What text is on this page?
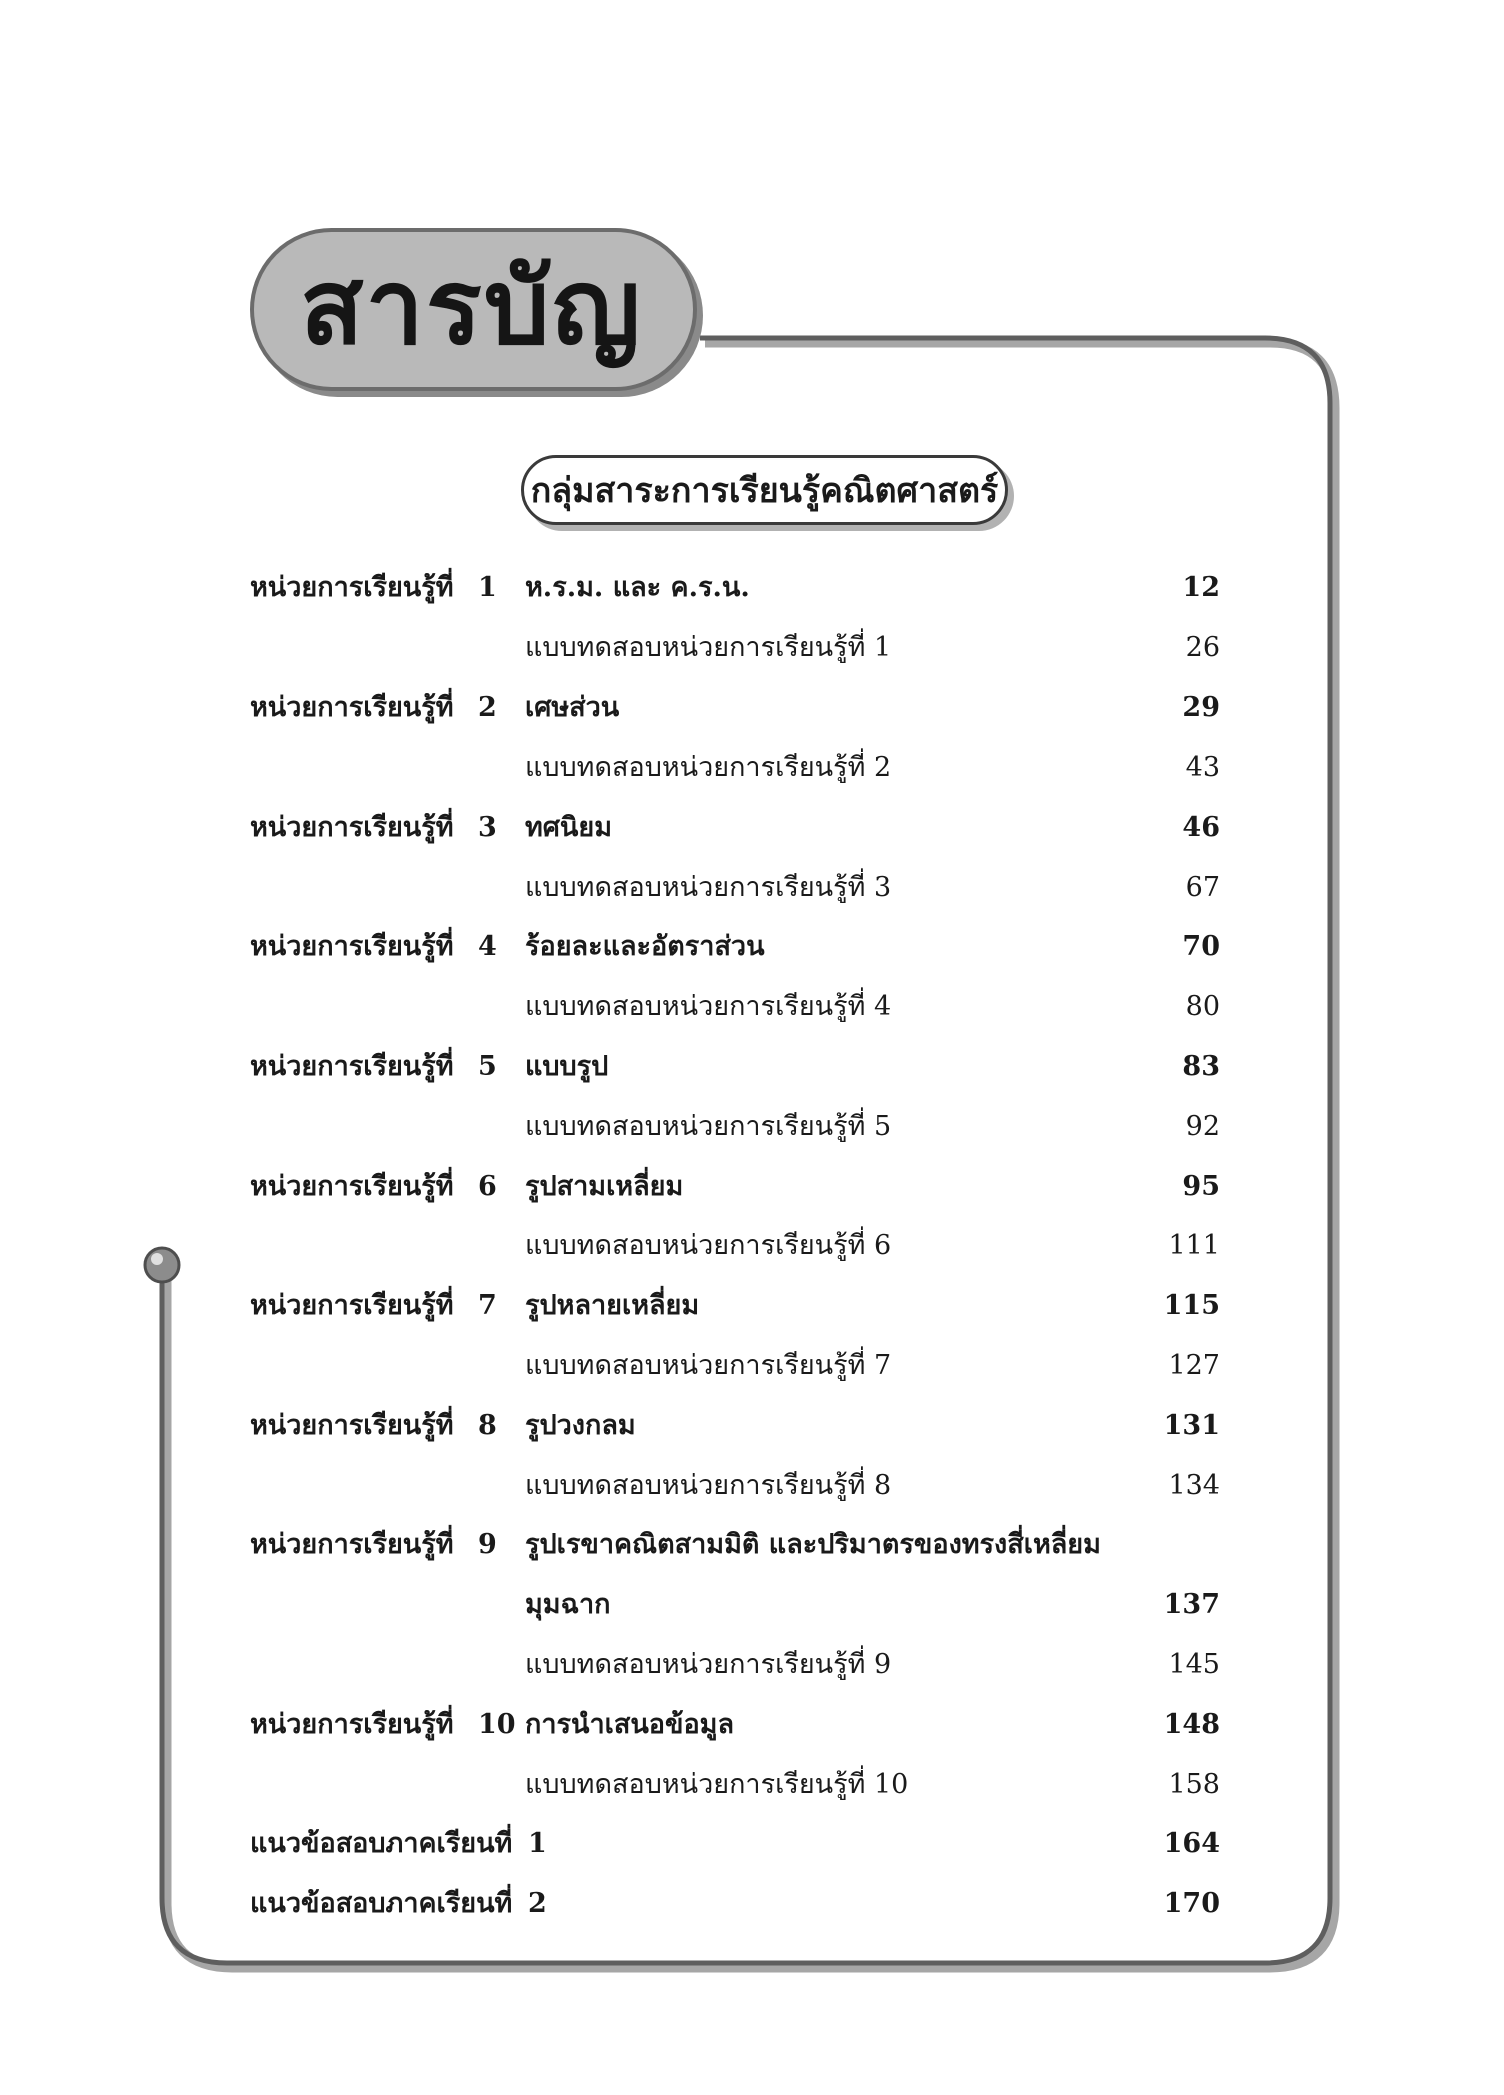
สารบัญ
กลุ่มสาระการเรียนรู้คณิตศาสตร์
หน่วยการเรียนรู้ที่ 1 ห.ร.ม. และ ค.ร.น.	12
แบบทดสอบหน่วยการเรียนรู้ที่ 1	26
หน่วยการเรียนรู้ที่ 2 เศษส่วน	29
แบบทดสอบหน่วยการเรียนรู้ที่ 2	43
หน่วยการเรียนรู้ที่ 3 ทศนิยม	46
แบบทดสอบหน่วยการเรียนรู้ที่ 3	67
หน่วยการเรียนรู้ที่ 4 ร้อยละและอัตราส่วน	70
แบบทดสอบหน่วยการเรียนรู้ที่ 4	80
หน่วยการเรียนรู้ที่ 5 แบบรูป	83
แบบทดสอบหน่วยการเรียนรู้ที่ 5	92
หน่วยการเรียนรู้ที่ 6 รูปสามเหลี่ยม	95
แบบทดสอบหน่วยการเรียนรู้ที่ 6	111
หน่วยการเรียนรู้ที่ 7 รูปหลายเหลี่ยม	115
แบบทดสอบหน่วยการเรียนรู้ที่ 7	127
หน่วยการเรียนรู้ที่ 8 รูปวงกลม	131
แบบทดสอบหน่วยการเรียนรู้ที่ 8	134
หน่วยการเรียนรู้ที่ 9 รูปเรขาคณิตสามมิติ และปริมาตรของทรงสี่เหลี่ยม
มุมฉาก	137
แบบทดสอบหน่วยการเรียนรู้ที่ 9	145
หน่วยการเรียนรู้ที่ 10 การนำเสนอข้อมูล	148
แบบทดสอบหน่วยการเรียนรู้ที่ 10	158
แนวข้อสอบภาคเรียนที่ 1	164
แนวข้อสอบภาคเรียนที่ 2	170
